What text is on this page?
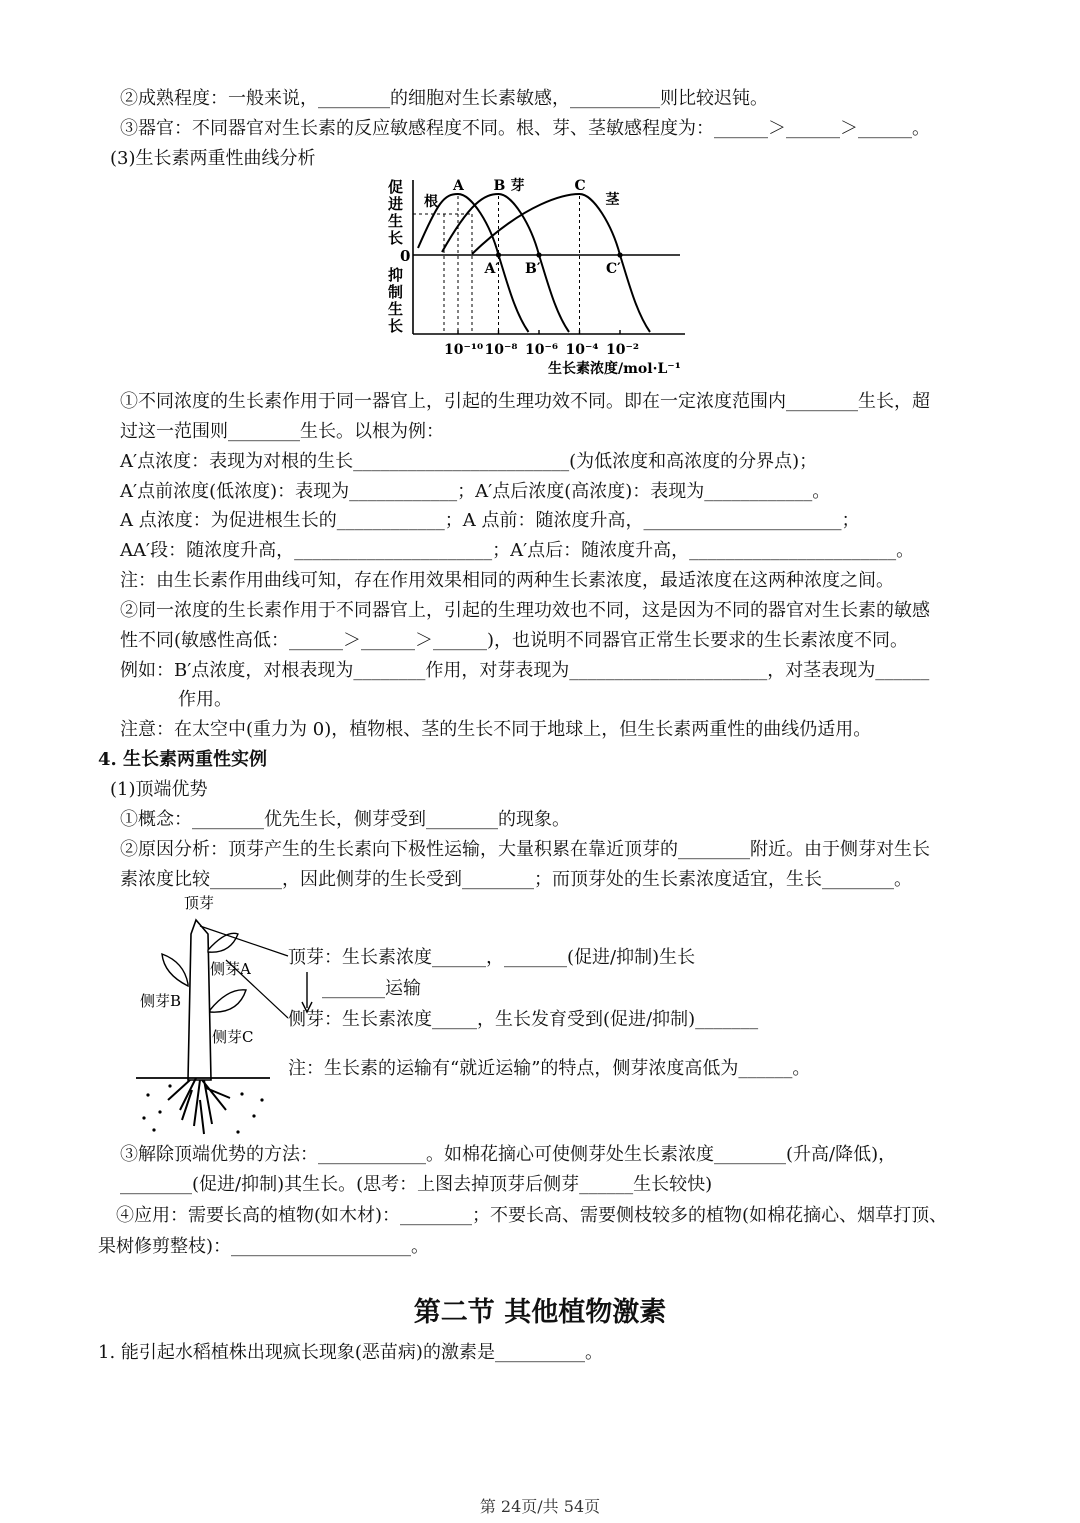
②成熟程度：一般来说，________的细胞对生长素敏感，__________则比较迟钝。
③器官：不同器官对生长素的反应敏感程度不同。根、芽、茎敏感程度为：______＞______＞______。
(3)生长素两重性曲线分析
促
进
生
长
0
抑
制
生
长
根
A
A′
芽
B
B′
茎
C
C′
10⁻¹⁰ 10⁻⁸ 10⁻⁶ 10⁻⁴ 10⁻²
生长素浓度/mol·L⁻¹
①不同浓度的生长素作用于同一器官上，引起的生理功效不同。即在一定浓度范围内________生长，超
过这一范围则________生长。以根为例：
A′点浓度：表现为对根的生长________________________(为低浓度和高浓度的分界点)；
A′点前浓度(低浓度)：表现为____________；A′点后浓度(高浓度)：表现为____________。
A 点浓度：为促进根生长的____________；A 点前：随浓度升高，______________________；
AA′段：随浓度升高，______________________；A′点后：随浓度升高，_______________________。
注：由生长素作用曲线可知，存在作用效果相同的两种生长素浓度，最适浓度在这两种浓度之间。
②同一浓度的生长素作用于不同器官上，引起的生理功效也不同，这是因为不同的器官对生长素的敏感
性不同(敏感性高低：______＞______＞______)，也说明不同器官正常生长要求的生长素浓度不同。
例如：B′点浓度，对根表现为________作用，对芽表现为______________________，对茎表现为______
作用。
注意：在太空中(重力为 0)，植物根、茎的生长不同于地球上，但生长素两重性的曲线仍适用。
4. 生长素两重性实例
(1)顶端优势
①概念：________优先生长，侧芽受到________的现象。
②原因分析：顶芽产生的生长素向下极性运输，大量积累在靠近顶芽的________附近。由于侧芽对生长
素浓度比较________，因此侧芽的生长受到________；而顶芽处的生长素浓度适宜，生长________。
顶芽
侧芽A
侧芽B
侧芽C
顶芽：生长素浓度______，_______(促进/抑制)生长
_______运输
侧芽：生长素浓度_____，生长发育受到(促进/抑制)_______
注：生长素的运输有“就近运输”的特点，侧芽浓度高低为______。
③解除顶端优势的方法：____________。如棉花摘心可使侧芽处生长素浓度________(升高/降低)，
________(促进/抑制)其生长。(思考：上图去掉顶芽后侧芽______生长较快)
④应用：需要长高的植物(如木材)：________；不要长高、需要侧枝较多的植物(如棉花摘心、烟草打顶、
果树修剪整枝)：____________________。
第二节 其他植物激素
1. 能引起水稻植株出现疯长现象(恶苗病)的激素是__________。
第 24页/共 54页
